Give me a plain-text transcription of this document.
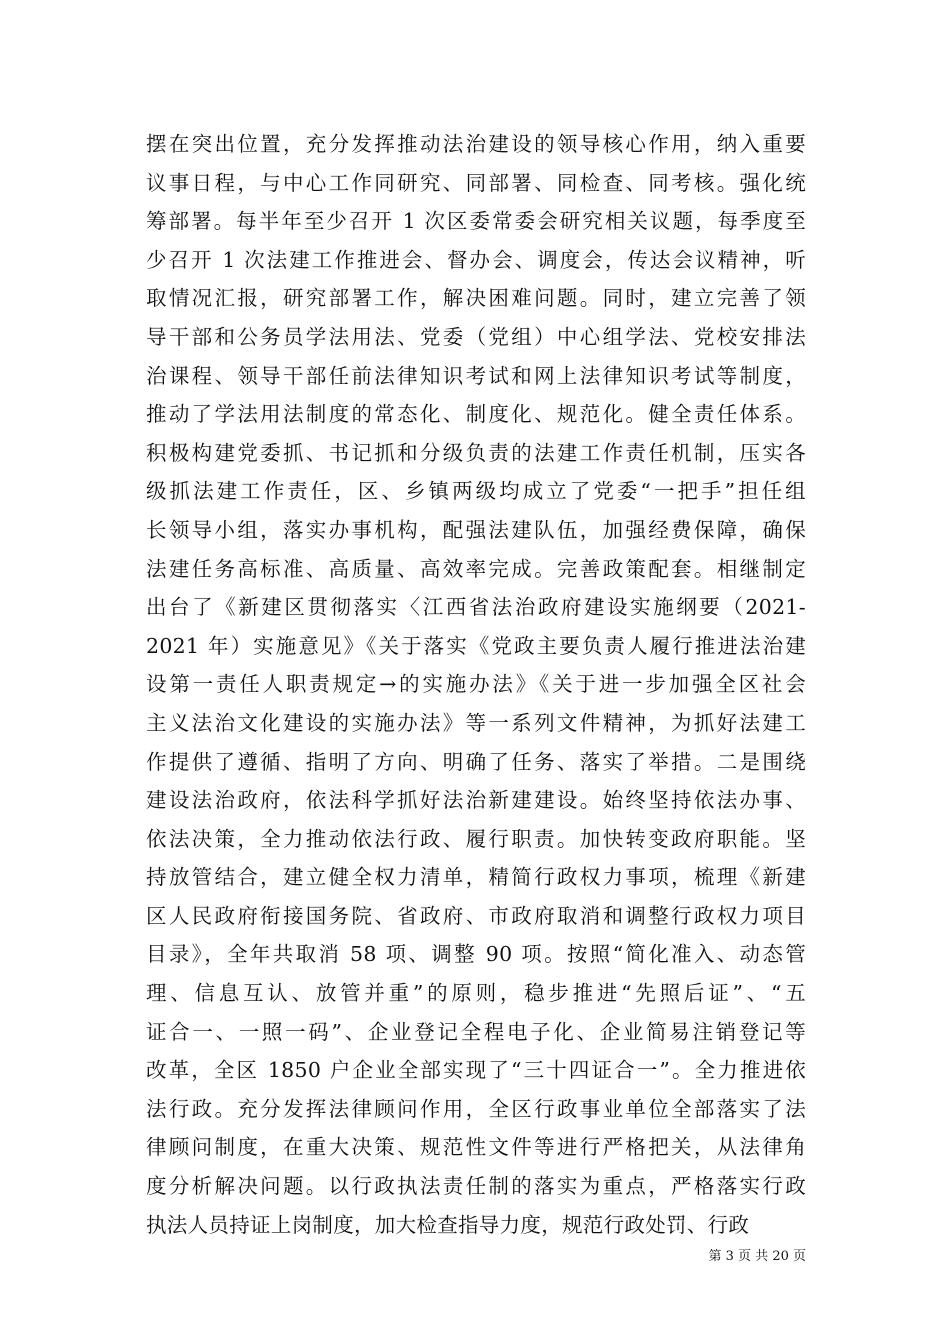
摆在突出位置，充分发挥推动法治建设的领导核心作用，纳入重要
议事日程，与中心工作同研究、同部署、同检查、同考核。强化统
筹部署。每半年至少召开 1 次区委常委会研究相关议题，每季度至
少召开 1 次法建工作推进会、督办会、调度会，传达会议精神，听
取情况汇报，研究部署工作，解决困难问题。同时，建立完善了领
导干部和公务员学法用法、党委（党组）中心组学法、党校安排法
治课程、领导干部任前法律知识考试和网上法律知识考试等制度，
推动了学法用法制度的常态化、制度化、规范化。健全责任体系。
积极构建党委抓、书记抓和分级负责的法建工作责任机制，压实各
级抓法建工作责任，区、乡镇两级均成立了党委“一把手”担任组
长领导小组，落实办事机构，配强法建队伍，加强经费保障，确保
法建任务高标准、高质量、高效率完成。完善政策配套。相继制定
出台了《新建区贯彻落实〈江西省法治政府建设实施纲要（2021-
2021 年）实施意见》《关于落实《党政主要负责人履行推进法治建
设第一责任人职责规定→的实施办法》《关于进一步加强全区社会
主义法治文化建设的实施办法》等一系列文件精神，为抓好法建工
作提供了遵循、指明了方向、明确了任务、落实了举措。二是围绕
建设法治政府，依法科学抓好法治新建建设。始终坚持依法办事、
依法决策，全力推动依法行政、履行职责。加快转变政府职能。坚
持放管结合，建立健全权力清单，精简行政权力事项，梳理《新建
区人民政府衔接国务院、省政府、市政府取消和调整行政权力项目
目录》，全年共取消 58 项、调整 90 项。按照“简化准入、动态管
理、信息互认、放管并重”的原则，稳步推进“先照后证”、“五
证合一、一照一码”、企业登记全程电子化、企业简易注销登记等
改革，全区 1850 户企业全部实现了“三十四证合一”。全力推进依
法行政。充分发挥法律顾问作用，全区行政事业单位全部落实了法
律顾问制度，在重大决策、规范性文件等进行严格把关，从法律角
度分析解决问题。以行政执法责任制的落实为重点，严格落实行政
执法人员持证上岗制度，加大检查指导力度，规范行政处罚、行政
第 3 页 共 20 页
